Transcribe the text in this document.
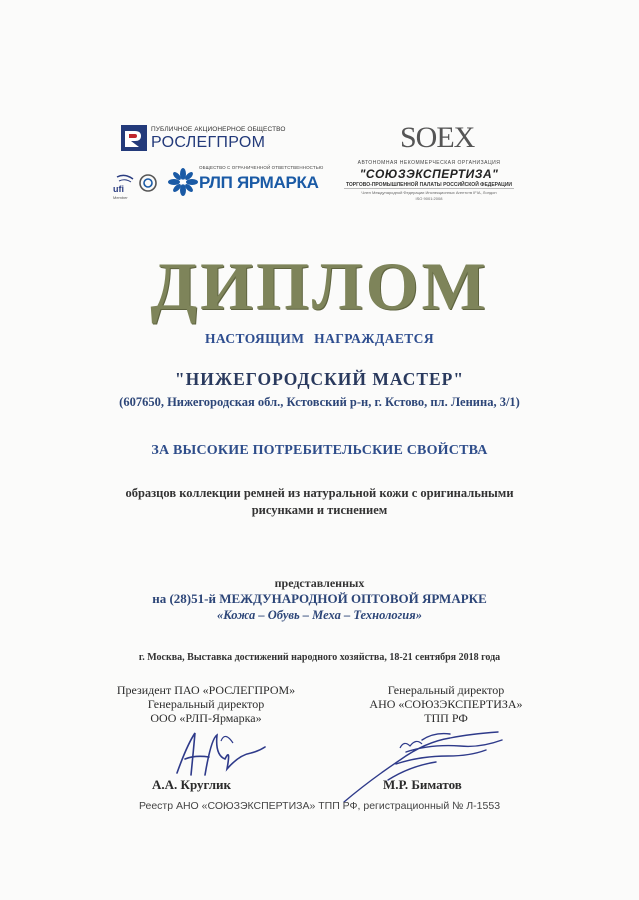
ПУБЛИЧНОЕ АКЦИОНЕРНОЕ ОБЩЕСТВО
РОСЛЕГПРОМ
ufi
Member
ОБЩЕСТВО С ОГРАНИЧЕННОЙ ОТВЕТСТВЕННОСТЬЮ
РЛП ЯРМАРКА
SOEX
АВТОНОМНАЯ НЕКОММЕРЧЕСКАЯ ОРГАНИЗАЦИЯ
"СОЮЗЭКСПЕРТИЗА"
ТОРГОВО-ПРОМЫШЛЕННОЙ ПАЛАТЫ РОССИЙСКОЙ ФЕДЕРАЦИИ
Член Международной Федерации Инспекционных Агентств IFIA, Лондон
ISO 9001:2008
ДИПЛОМ
НАСТОЯЩИМ НАГРАЖДАЕТСЯ
"НИЖЕГОРОДСКИЙ МАСТЕР"
(607650, Нижегородская обл., Кстовский р-н, г. Кстово, пл. Ленина, 3/1)
ЗА ВЫСОКИЕ ПОТРЕБИТЕЛЬСКИЕ СВОЙСТВА
образцов коллекции ремней из натуральной кожи с оригинальными
рисунками и тиснением
представленных
на (28)51-й МЕЖДУНАРОДНОЙ ОПТОВОЙ ЯРМАРКЕ
«Кожа – Обувь – Меха – Технология»
г. Москва, Выставка достижений народного хозяйства, 18-21 сентября 2018 года
Президент ПАО «РОСЛЕГПРОМ»
Генеральный директор
ООО «РЛП-Ярмарка»
Генеральный директор
АНО «СОЮЗЭКСПЕРТИЗА»
ТПП РФ
А.А. Круглик	М.Р. Биматов
Реестр АНО «СОЮЗЭКСПЕРТИЗА» ТПП РФ, регистрационный № Л-1553
